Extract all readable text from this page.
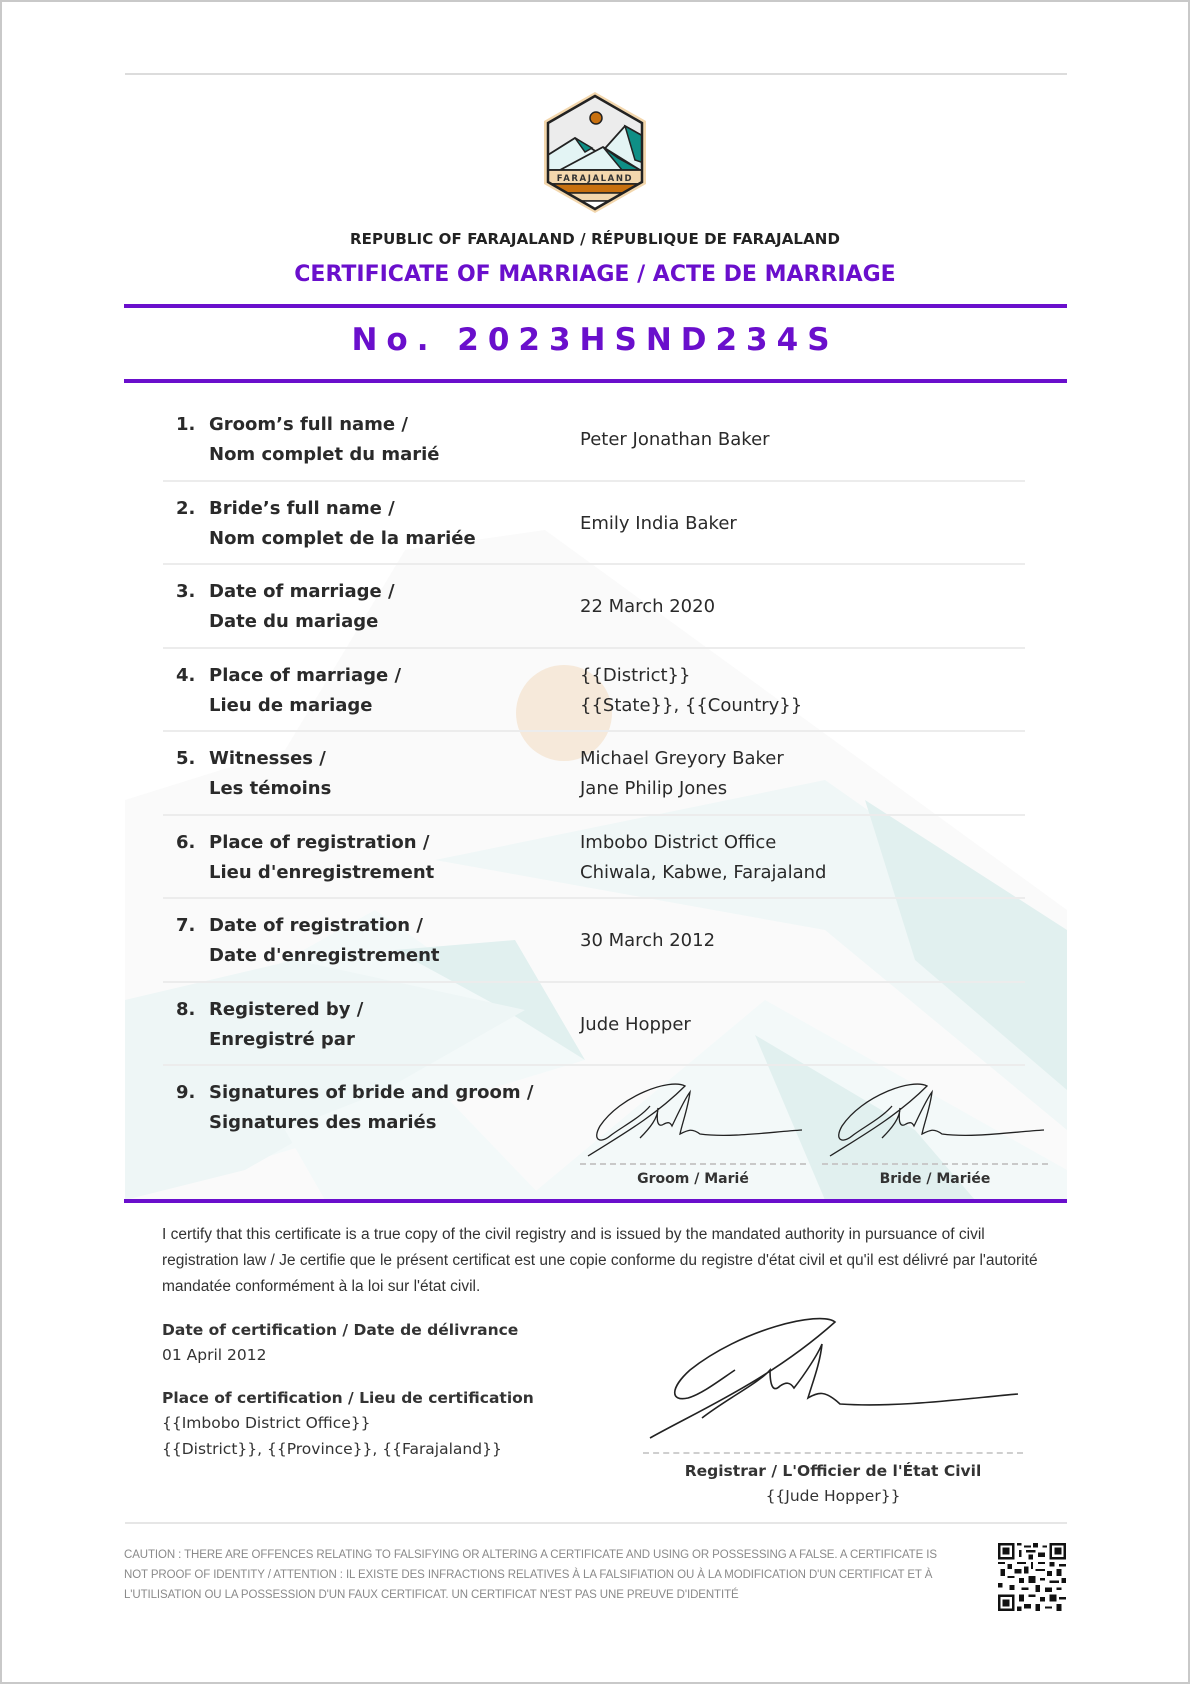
FARAJALAND
REPUBLIC OF FARAJALAND / RÉPUBLIQUE DE FARAJALAND
CERTIFICATE OF MARRIAGE / ACTE DE MARRIAGE
No. 2023HSND234S
1. Groom’s full name /
Nom complet du marié
Peter Jonathan Baker
2. Bride’s full name /
Nom complet de la mariée
Emily India Baker
3. Date of marriage /
Date du mariage
22 March 2020
4. Place of marriage /
Lieu de mariage
{{District}}
{{State}}, {{Country}}
5. Witnesses /
Les témoins
Michael Greyory Baker
Jane Philip Jones
6. Place of registration /
Lieu d'enregistrement
Imbobo District Office
Chiwala, Kabwe, Farajaland
7. Date of registration /
Date d'enregistrement
30 March 2012
8. Registered by /
Enregistré par
Jude Hopper
9. Signatures of bride and groom /
Signatures des mariés
Groom / Marié	Bride / Mariée
I certify that this certificate is a true copy of the civil registry and is issued by the mandated authority in pursuance of civil registration law / Je certifie que le présent certificat est une copie conforme du registre d'état civil et qu'il est délivré par l'autorité mandatée conformément à la loi sur l'état civil.
Date of certification / Date de délivrance
01 April 2012
Place of certification / Lieu de certification
{{Imbobo District Office}}
{{District}}, {{Province}}, {{Farajaland}}
Registrar / L'Officier de l'État Civil
{{Jude Hopper}}
CAUTION : THERE ARE OFFENCES RELATING TO FALSIFYING OR ALTERING A CERTIFICATE AND USING OR POSSESSING A FALSE. A CERTIFICATE IS NOT PROOF OF IDENTITY / ATTENTION : IL EXISTE DES INFRACTIONS RELATIVES À LA FALSIFIATION OU À LA MODIFICATION D'UN CERTIFICAT ET À L'UTILISATION OU LA POSSESSION D'UN FAUX CERTIFICAT. UN CERTIFICAT N'EST PAS UNE PREUVE D'IDENTITÉ
